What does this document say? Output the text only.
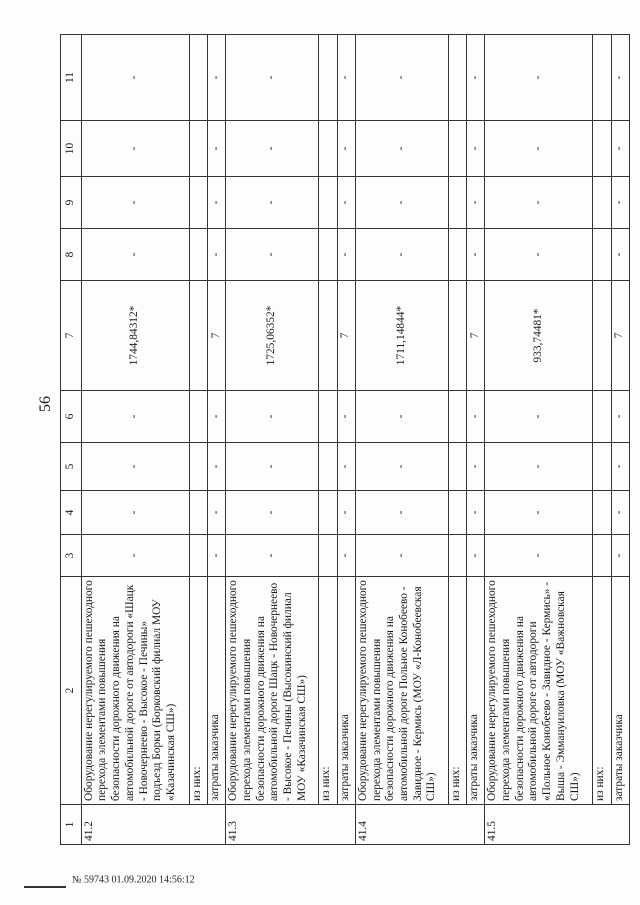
56
1	2	3	4	5	6	7	8	9	10	11
41.2	Оборудование нерегулируемого пешеходного перехода элементами повышения безопасности дорожного движения на автомобильной дороге от автодороги «Шацк - Новочернеево - Высокое - Печины» подъезд Борки (Борковский филиал МОУ «Казачинская СШ»)	-	-	-	-	1744,84312*	-	-	-	-
	из них:									
	затраты заказчика	-	-	-	-	7	-	-	-	-
41.3	Оборудование нерегулируемого пешеходного перехода элементами повышения безопасности дорожного движения на автомобильной дороге Шацк - Новочернеево - Высокое - Печины (Высокинский филиал МОУ «Казачинская СШ»)	-	-	-	-	1725,06352*	-	-	-	-
	из них:									
	затраты заказчика	-	-	-	-	7	-	-	-	-
41.4	Оборудование нерегулируемого пешеходного перехода элементами повышения безопасности дорожного движения на автомобильной дороге Польное Конобеево - Завидное - Кермись (МОУ «Л-Конобеевская СШ»)	-	-	-	-	1711,14844*	-	-	-	-
	из них:									
	затраты заказчика	-	-	-	-	7	-	-	-	-
41.5	Оборудование нерегулируемого пешеходного перехода элементами повышения безопасности дорожного движения на автомобильной дороге от автодороги «Польное Конобеево - Завидное - Кермись» - Выша - Эммануиловка (МОУ «Важновская СШ»)	-	-	-	-	933,74481*	-	-	-	-
	из них:									
	затраты заказчика	-	-	-	-	7	-	-	-	-
№ 59743 01.09.2020 14:56:12
